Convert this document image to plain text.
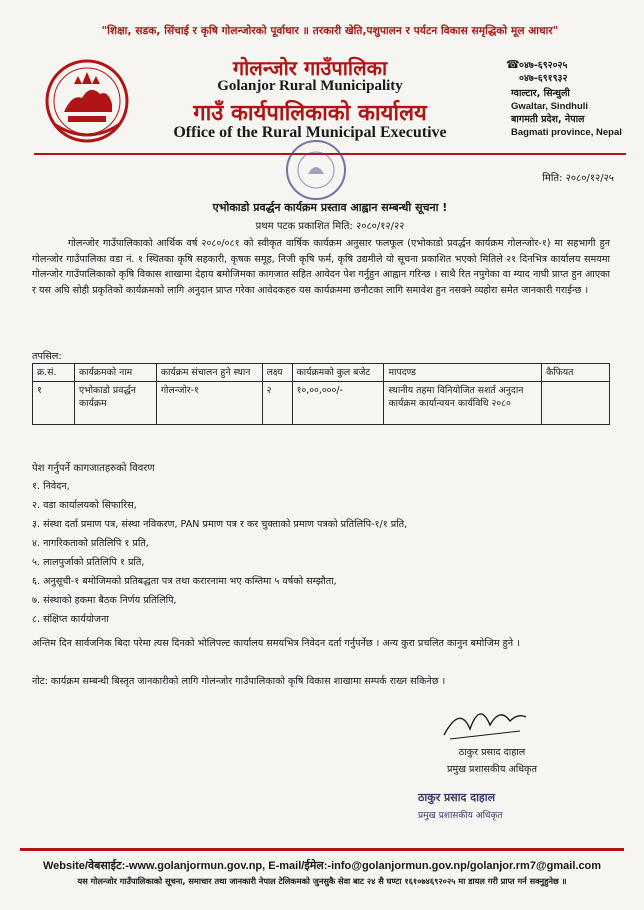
"शिक्षा, सडक, सिंचाई र कृषि गोलन्जोरको पूर्वाधार ॥ तरकारी खेति,पशुपालन र पर्यटन विकास समृद्धिको मूल आधार"
गोलन्जोर गाउँपालिका
Golanjor Rural Municipality
गाउँ कार्यपालिकाको कार्यालय
Office of the Rural Municipal Executive
☎ ०४७-६९२०२५
०४७-६९१९३२
ग्वाल्टार, सिन्धुली
Gwaltar, Sindhuli
बागमती प्रदेश, नेपाल
Bagmati province, Nepal
मिति: २०८०/१२/२५
एभोकाडो प्रवर्द्धन कार्यक्रम प्रस्ताव आह्वान सम्बन्धी सूचना !
प्रथम पटक प्रकाशित मिति: २०८०/१२/२२
गोलन्जोर गाउँपालिकाको आर्थिक वर्ष २०८०/०८१ को स्वीकृत वार्षिक कार्यक्रम अनुसार फलफूल (एभोकाडो प्रवर्द्धन कार्यक्रम गोलन्जोर-१) मा सहभागी हुन गोलन्जोर गाउँपालिका वडा नं. १ स्थितका कृषि सहकारी, कृषक समूह, निजी कृषि फर्म, कृषि उद्यमीले यो सूचना प्रकाशित भएको मितिले २१ दिनभित्र कार्यालय समयमा गोलन्जोर गाउँपालिकाको कृषि विकास शाखामा देहाय बमोजिमका कागजात सहित आवेदन पेश गर्नुहुन आह्वान गरिन्छ । साथै रित नपुगेका वा म्याद नाघी प्राप्त हुन आएका र यस अघि सोही प्रकृतिको कार्यक्रमको लागि अनुदान प्राप्त गरेका आवेदकहरु यस कार्यक्रममा छनौटका लागि समावेश हुन नसक्ने व्यहोरा समेत जानकारी गराईन्छ ।
तपसिल:
क्र.सं.	कार्यक्रमको नाम	कार्यक्रम संचालन हुने स्थान	लक्ष्य	कार्यक्रमको कुल बजेट	मापदण्ड	कैफियत
१	एभोकाडो प्रवर्द्धन कार्यक्रम	गोलन्जोर-१	२	१०,००,०००/-	स्थानीय तहमा विनियोजित सशर्त अनुदान कार्यक्रम कार्यान्वयन कार्यविधि २०८०	
पेश गर्नुपर्ने कागजातहरुको विवरण
१. निवेदन,
२. वडा कार्यालयको सिफारिस,
३. संस्था दर्ता प्रमाण पत्र, संस्था नविकरण, PAN प्रमाण पत्र र कर चुक्ताको प्रमाण पत्रको प्रतिलिपि-१/१ प्रति,
४. नागरिकताको प्रतिलिपि १ प्रति,
५. लालपुर्जाको प्रतिलिपि १ प्रति,
६. अनुसूची-१ बमोजिमको प्रतिबद्धता पत्र तथा करारनामा भए कम्तिमा ५ वर्षको सम्झौता,
७. संस्थाको हकमा बैठक निर्णय प्रतिलिपि,
८. संक्षिप्त कार्ययोजना
अन्तिम दिन सार्वजनिक बिदा परेमा त्यस दिनको भोलिपल्ट कार्यालय समयभित्र निवेदन दर्ता गर्नुपर्नेछ । अन्य कुरा प्रचलित कानुन बमोजिम हुने ।
नोट: कार्यक्रम सम्बन्धी बिस्तृत जानकारीको लागि गोलन्जोर गाउँपालिकाको कृषि विकास शाखामा सम्पर्क राख्न सकिनेछ ।
ठाकुर प्रसाद दाहाल
प्रमुख प्रशासकीय अधिकृत
ठाकुर प्रसाद दाहाल
प्रमुख प्रशासकीय अधिकृत
Website/वेबसाईट:-www.golanjormun.gov.np, E-mail/ईमेल:-info@golanjormun.gov.np/golanjor.rm7@gmail.com
यस गोलन्जोर गाउँपालिकाको सूचना, समाचार तथा जानकारी नेपाल टेलिकमको जुनसुकै सेवा बाट २४ सै घण्टा १६१०७४६९२०२५ मा डायल गरी प्राप्त गर्न सक्नुहुनेछ ॥
